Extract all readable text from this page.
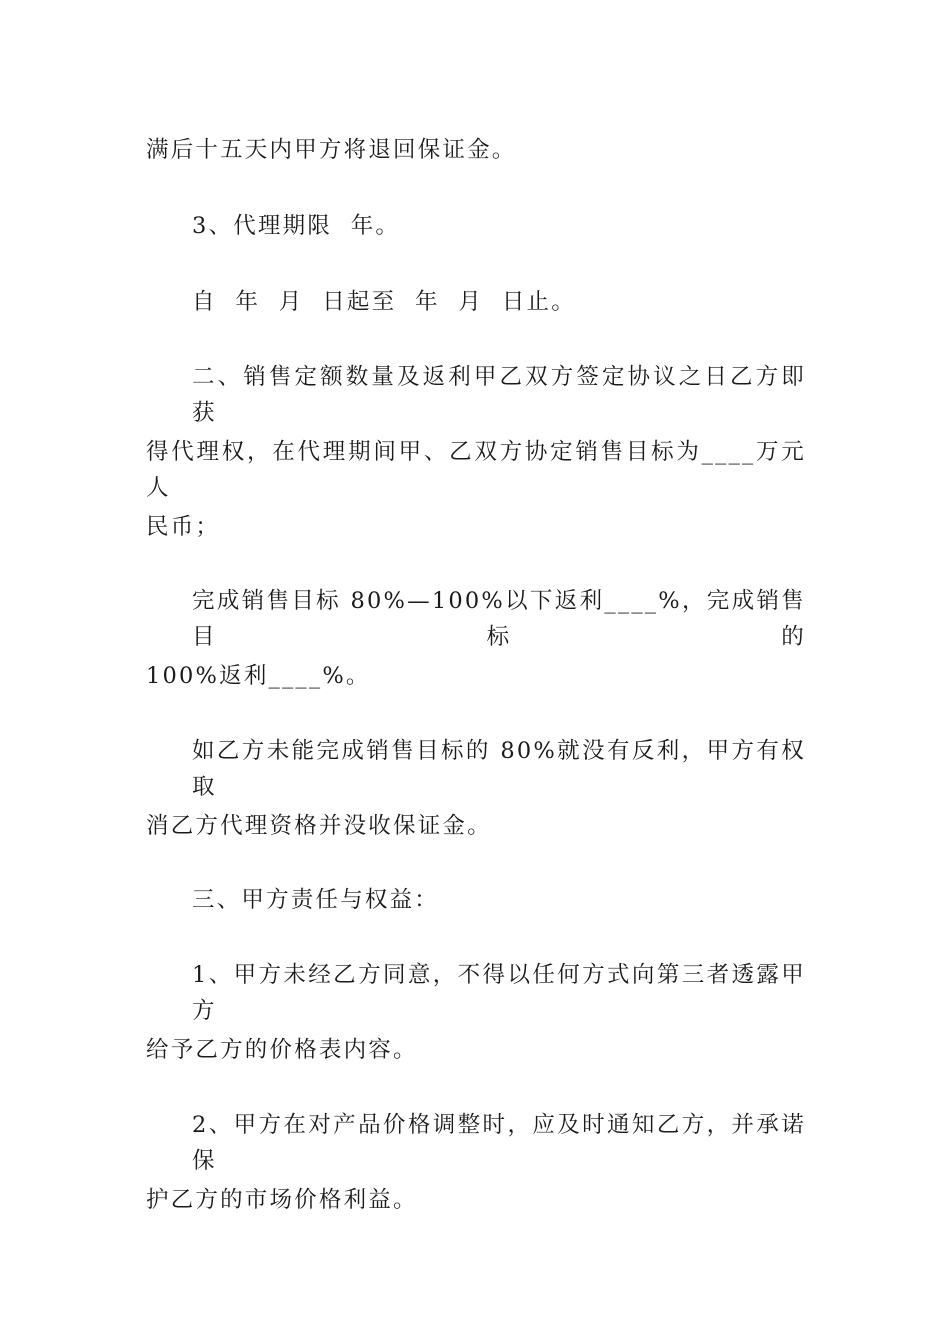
满后十五天内甲方将退回保证金。
3、代理期限  年。
自  年  月  日起至  年  月  日止。
二、销售定额数量及返利甲乙双方签定协议之日乙方即获
得代理权，在代理期间甲、乙双方协定销售目标为____万元人
民币；
完成销售目标 80%—100%以下返利____%，完成销售目标的
100%返利____%。
如乙方未能完成销售目标的 80%就没有反利，甲方有权取
消乙方代理资格并没收保证金。
三、甲方责任与权益：
1、甲方未经乙方同意，不得以任何方式向第三者透露甲方
给予乙方的价格表内容。
2、甲方在对产品价格调整时，应及时通知乙方，并承诺保
护乙方的市场价格利益。
